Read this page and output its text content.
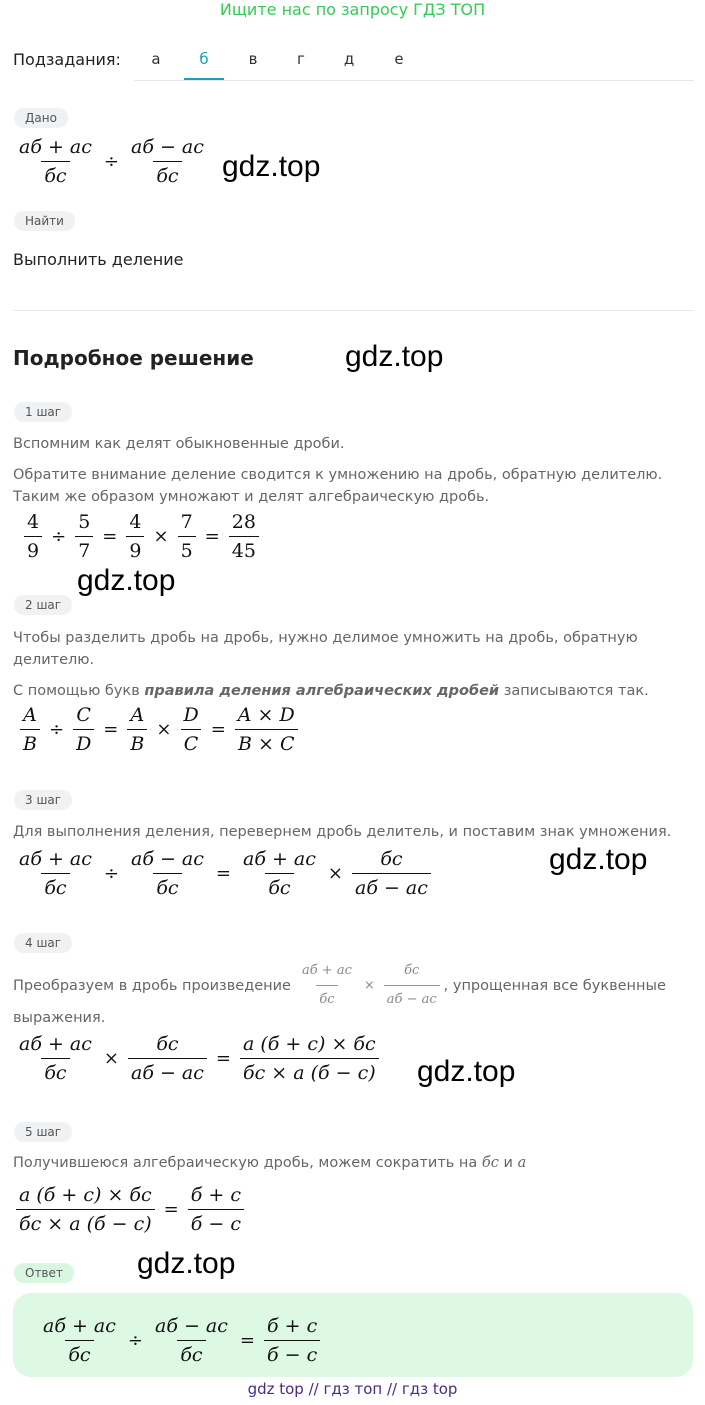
Ищите нас по запросу ГДЗ ТОП
Подзадания:	а	б	в	г	д	е
Дано
$\frac{аб + ас}{бс} \div \frac{аб - ас}{бс} gdz.top$
Найти
Выполнить деление
Подробное решение	gdz.top
1 шаг
Вспомним как делят обыкновенные дроби.
Обратите внимание деление сводится к умножению на дробь, обратную делителю.
Таким же образом умножают и делят алгебраическую дробь.
$\frac{4}{9} \div \frac{5}{7} = \frac{4}{9} \times \frac{7}{5} = \frac{28}{45}$
gdz.top
2 шаг
Чтобы разделить дробь на дробь, нужно делимое умножить на дробь, обратную
делителю.
С помощью букв правила деления алгебраических дробей записываются так.
$\frac{A}{B} \div \frac{C}{D} = \frac{A}{B} \times \frac{D}{C} = \frac{A \times D}{B \times C}$
3 шаг
Для выполнения деления, перевернем дробь делитель, и поставим знак умножения.
$\frac{аб + ас}{бс} \div \frac{аб - ас}{бс} = \frac{аб + ас}{бс} \times \frac{бс}{аб - ас}$	gdz.top
4 шаг
Преобразуем в дробь произведение $\frac{аб + ас}{бс} \times \frac{бс}{аб - ас}$ , упрощенная все буквенные
выражения.
$\frac{аб + ас}{бс} \times \frac{бс}{аб - ас} = \frac{а (б + с) \times бс}{бс \times а (б - с)} gdz.top$
5 шаг
Получившеюся алгебраическую дробь, можем сократить на бс и а
$\frac{а (б + с) \times бс}{бс \times а (б - с)} = \frac{б + с}{б - с}$
Ответ	gdz.top
$\frac{аб + ас}{бс} \div \frac{аб - ас}{бс} = \frac{б + с}{б - с}$
gdz top // гдз топ // гдз top
